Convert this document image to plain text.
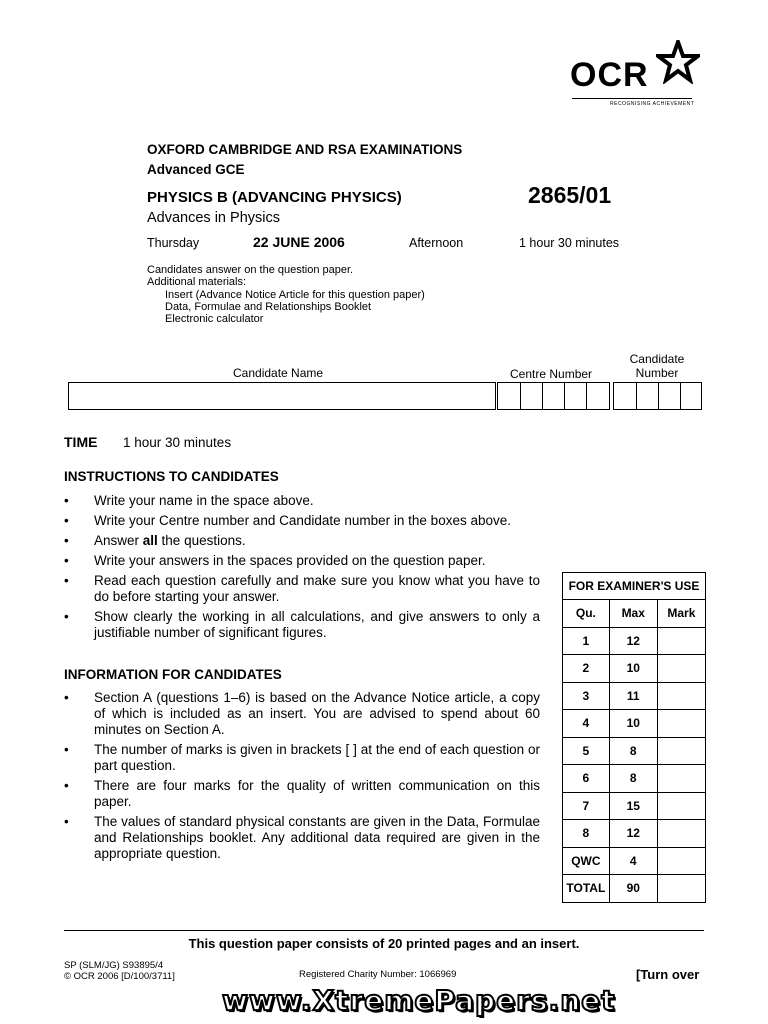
OCR
RECOGNISING ACHIEVEMENT
OXFORD CAMBRIDGE AND RSA EXAMINATIONS
Advanced GCE
PHYSICS B (ADVANCING PHYSICS)	2865/01
Advances in Physics
Thursday	22 JUNE 2006	Afternoon	1 hour 30 minutes
Candidates answer on the question paper.
Additional materials:
Insert (Advance Notice Article for this question paper)
Data, Formulae and Relationships Booklet
Electronic calculator
Candidate Name	Centre Number
Candidate
Number
TIME 1 hour 30 minutes
INSTRUCTIONS TO CANDIDATES
• Write your name in the space above.
• Write your Centre number and Candidate number in the boxes above.
• Answer all the questions.
• Write your answers in the spaces provided on the question paper.
• Read each question carefully and make sure you know what you have to do before starting your answer.
• Show clearly the working in all calculations, and give answers to only a justifiable number of significant figures.
INFORMATION FOR CANDIDATES
• Section A (questions 1–6) is based on the Advance Notice article, a copy of which is included as an insert. You are advised to spend about 60 minutes on Section A.
• The number of marks is given in brackets [ ] at the end of each question or part question.
• There are four marks for the quality of written communication on this paper.
• The values of standard physical constants are given in the Data, Formulae and Relationships booklet. Any additional data required are given in the appropriate question.
FOR EXAMINER'S USE		
Qu.	Max	Mark
1	12	
2	10	
3	11	
4	10	
5	8	
6	8	
7	15	
8	12	
QWC	4	
TOTAL	90	
This question paper consists of 20 printed pages and an insert.
SP (SLM/JG) S93895/4
© OCR 2006 [D/100/3711]	Registered Charity Number: 1066969	[Turn over
www.XtremePapers.net
